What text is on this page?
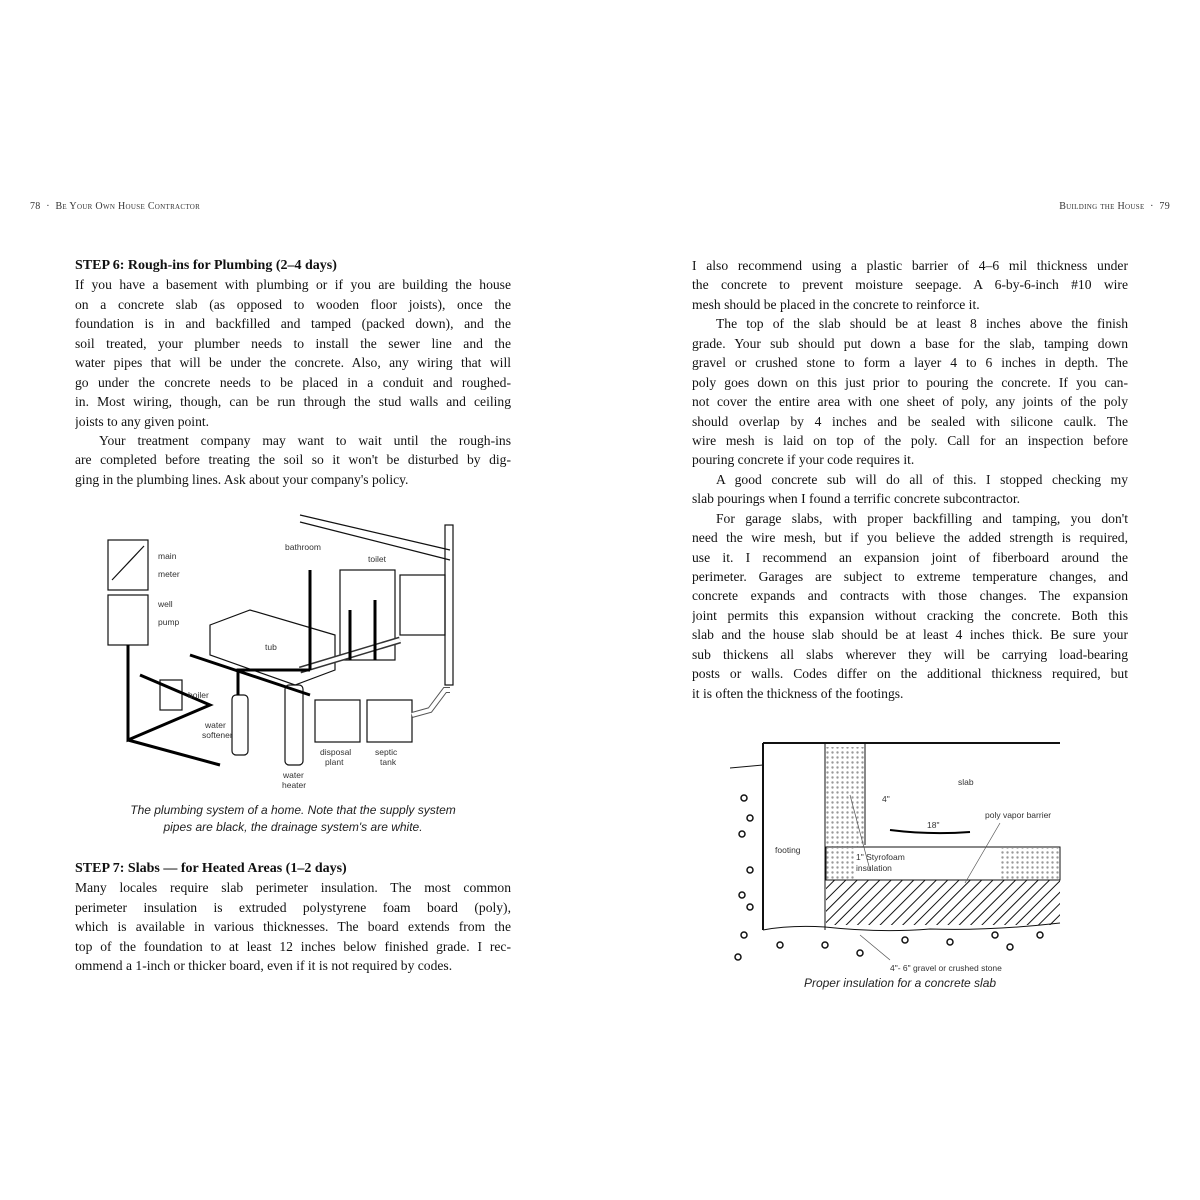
78  ·  Be Your Own House Contractor
STEP 6: Rough-ins for Plumbing (2–4 days)
If you have a basement with plumbing or if you are building the house
on a concrete slab (as opposed to wooden floor joists), once the
foundation is in and backfilled and tamped (packed down), and the
soil treated, your plumber needs to install the sewer line and the
water pipes that will be under the concrete. Also, any wiring that will
go under the concrete needs to be placed in a conduit and roughed-
in. Most wiring, though, can be run through the stud walls and ceiling
joists to any given point.
Your treatment company may want to wait until the rough-ins
are completed before treating the soil so it won't be disturbed by dig-
ging in the plumbing lines. Ask about your company's policy.
main
meter
well
pump
bathroom
toilet
tub
boiler
water
softener
water
heater
disposal
plant
septic
tank
The plumbing system of a home. Note that the supply system
pipes are black, the drainage system's are white.
STEP 7: Slabs — for Heated Areas (1–2 days)
Many locales require slab perimeter insulation. The most common
perimeter insulation is extruded polystyrene foam board (poly),
which is available in various thicknesses. The board extends from the
top of the foundation to at least 12 inches below finished grade. I rec-
ommend a 1-inch or thicker board, even if it is not required by codes.
Building the House  ·  79
I also recommend using a plastic barrier of 4–6 mil thickness under
the concrete to prevent moisture seepage. A 6-by-6-inch #10 wire
mesh should be placed in the concrete to reinforce it.
The top of the slab should be at least 8 inches above the finish
grade. Your sub should put down a base for the slab, tamping down
gravel or crushed stone to form a layer 4 to 6 inches in depth. The
poly goes down on this just prior to pouring the concrete. If you can-
not cover the entire area with one sheet of poly, any joints of the poly
should overlap by 4 inches and be sealed with silicone caulk. The
wire mesh is laid on top of the poly. Call for an inspection before
pouring concrete if your code requires it.
A good concrete sub will do all of this. I stopped checking my
slab pourings when I found a terrific concrete subcontractor.
For garage slabs, with proper backfilling and tamping, you don't
need the wire mesh, but if you believe the added strength is required,
use it. I recommend an expansion joint of fiberboard around the
perimeter. Garages are subject to extreme temperature changes, and
concrete expands and contracts with those changes. The expansion
joint permits this expansion without cracking the concrete. Both this
slab and the house slab should be at least 4 inches thick. Be sure your
sub thickens all slabs wherever they will be carrying load-bearing
posts or walls. Codes differ on the additional thickness required, but
it is often the thickness of the footings.
slab
4"
poly vapor barrier
18"
footing
1" Styrofoam
insulation
4"- 6" gravel or crushed stone
Proper insulation for a concrete slab
